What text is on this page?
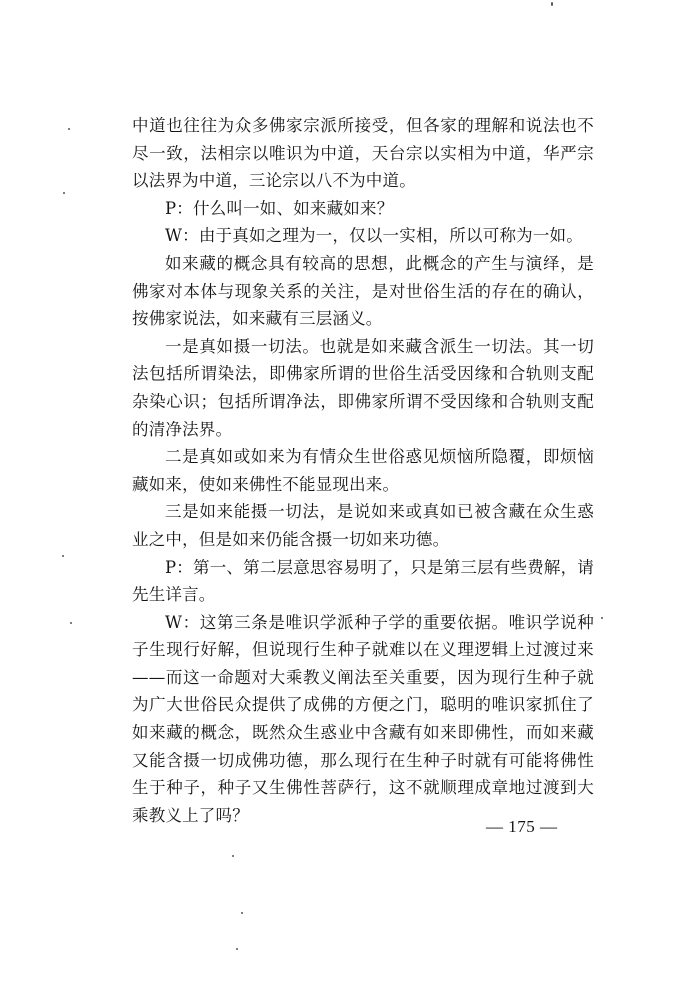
中道也往往为众多佛家宗派所接受，但各家的理解和说法也不尽一致，法相宗以唯识为中道，天台宗以实相为中道，华严宗以法界为中道，三论宗以八不为中道。

P：什么叫一如、如来藏如来？

W：由于真如之理为一，仅以一实相，所以可称为一如。

如来藏的概念具有较高的思想，此概念的产生与演绎，是佛家对本体与现象关系的关注，是对世俗生活的存在的确认，按佛家说法，如来藏有三层涵义。

一是真如摄一切法。也就是如来藏含派生一切法。其一切法包括所谓染法，即佛家所谓的世俗生活受因缘和合轨则支配杂染心识；包括所谓净法，即佛家所谓不受因缘和合轨则支配的清净法界。

二是真如或如来为有情众生世俗惑见烦恼所隐覆，即烦恼藏如来，使如来佛性不能显现出来。

三是如来能摄一切法，是说如来或真如已被含藏在众生惑业之中，但是如来仍能含摄一切如来功德。

P：第一、第二层意思容易明了，只是第三层有些费解，请先生详言。

W：这第三条是唯识学派种子学的重要依据。唯识学说种子生现行好解，但说现行生种子就难以在义理逻辑上过渡过来——而这一命题对大乘教义阐法至关重要，因为现行生种子就为广大世俗民众提供了成佛的方便之门，聪明的唯识家抓住了如来藏的概念，既然众生惑业中含藏有如来即佛性，而如来藏又能含摄一切成佛功德，那么现行在生种子时就有可能将佛性生于种子，种子又生佛性菩萨行，这不就顺理成章地过渡到大乘教义上了吗？

— 175 —
